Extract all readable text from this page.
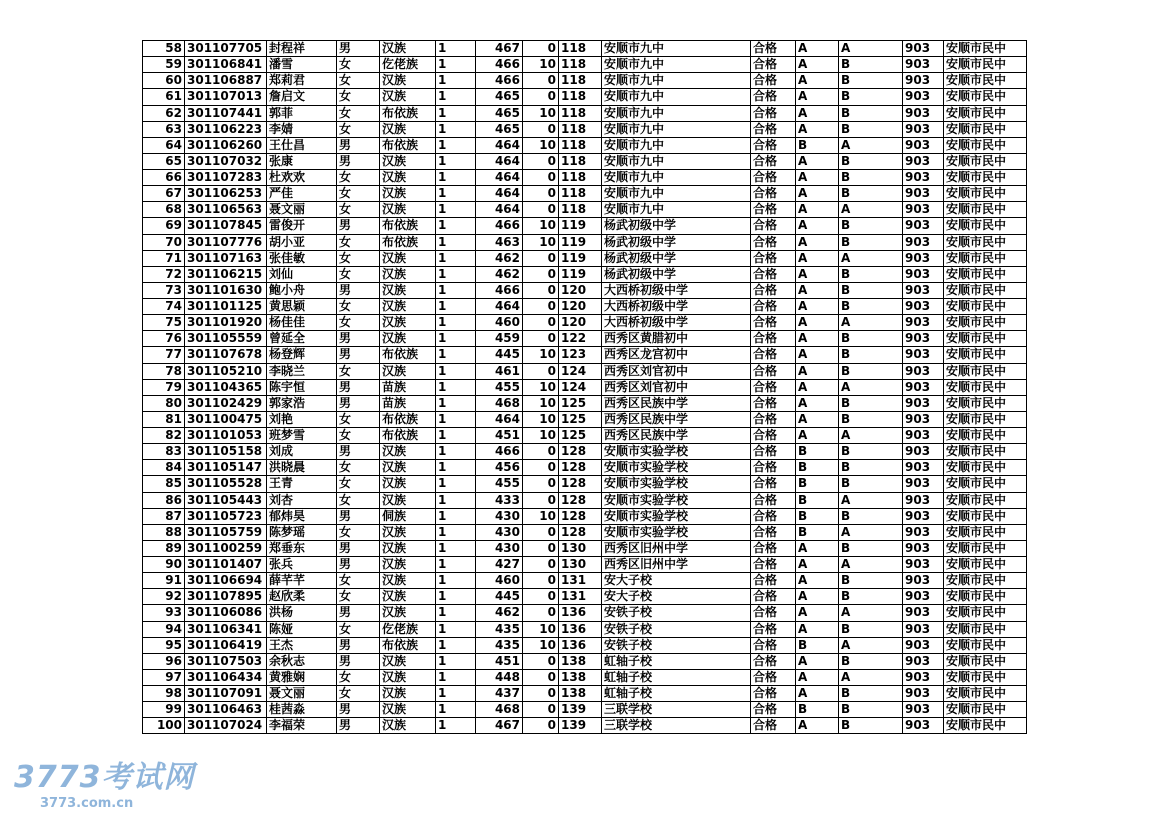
58	301107705	封程祥	男	汉族	1	467	0	118	安顺市九中	合格	A	A	903	安顺市民中
59	301106841	潘雪	女	仡佬族	1	466	10	118	安顺市九中	合格	A	B	903	安顺市民中
60	301106887	郑莉君	女	汉族	1	466	0	118	安顺市九中	合格	A	B	903	安顺市民中
61	301107013	詹启文	女	汉族	1	465	0	118	安顺市九中	合格	A	B	903	安顺市民中
62	301107441	郭菲	女	布依族	1	465	10	118	安顺市九中	合格	A	B	903	安顺市民中
63	301106223	李婧	女	汉族	1	465	0	118	安顺市九中	合格	A	B	903	安顺市民中
64	301106260	王仕昌	男	布依族	1	464	10	118	安顺市九中	合格	B	A	903	安顺市民中
65	301107032	张康	男	汉族	1	464	0	118	安顺市九中	合格	A	B	903	安顺市民中
66	301107283	杜欢欢	女	汉族	1	464	0	118	安顺市九中	合格	A	B	903	安顺市民中
67	301106253	严佳	女	汉族	1	464	0	118	安顺市九中	合格	A	B	903	安顺市民中
68	301106563	聂文丽	女	汉族	1	464	0	118	安顺市九中	合格	A	A	903	安顺市民中
69	301107845	雷俊开	男	布依族	1	466	10	119	杨武初级中学	合格	A	B	903	安顺市民中
70	301107776	胡小亚	女	布依族	1	463	10	119	杨武初级中学	合格	A	B	903	安顺市民中
71	301107163	张佳敏	女	汉族	1	462	0	119	杨武初级中学	合格	A	A	903	安顺市民中
72	301106215	刘仙	女	汉族	1	462	0	119	杨武初级中学	合格	A	B	903	安顺市民中
73	301101630	鲍小舟	男	汉族	1	466	0	120	大西桥初级中学	合格	A	B	903	安顺市民中
74	301101125	黄思颖	女	汉族	1	464	0	120	大西桥初级中学	合格	A	B	903	安顺市民中
75	301101920	杨佳佳	女	汉族	1	460	0	120	大西桥初级中学	合格	A	A	903	安顺市民中
76	301105559	曾延全	男	汉族	1	459	0	122	西秀区黄腊初中	合格	A	B	903	安顺市民中
77	301107678	杨登辉	男	布依族	1	445	10	123	西秀区龙宫初中	合格	A	B	903	安顺市民中
78	301105210	李晓兰	女	汉族	1	461	0	124	西秀区刘官初中	合格	A	B	903	安顺市民中
79	301104365	陈宇恒	男	苗族	1	455	10	124	西秀区刘官初中	合格	A	A	903	安顺市民中
80	301102429	郭家浩	男	苗族	1	468	10	125	西秀区民族中学	合格	A	B	903	安顺市民中
81	301100475	刘艳	女	布依族	1	464	10	125	西秀区民族中学	合格	A	B	903	安顺市民中
82	301101053	班梦雪	女	布依族	1	451	10	125	西秀区民族中学	合格	A	A	903	安顺市民中
83	301105158	刘成	男	汉族	1	466	0	128	安顺市实验学校	合格	B	B	903	安顺市民中
84	301105147	洪晓晨	女	汉族	1	456	0	128	安顺市实验学校	合格	B	B	903	安顺市民中
85	301105528	王青	女	汉族	1	455	0	128	安顺市实验学校	合格	B	B	903	安顺市民中
86	301105443	刘杏	女	汉族	1	433	0	128	安顺市实验学校	合格	B	A	903	安顺市民中
87	301105723	郁炜昊	男	侗族	1	430	10	128	安顺市实验学校	合格	B	B	903	安顺市民中
88	301105759	陈梦瑶	女	汉族	1	430	0	128	安顺市实验学校	合格	B	A	903	安顺市民中
89	301100259	郑垂东	男	汉族	1	430	0	130	西秀区旧州中学	合格	A	B	903	安顺市民中
90	301101407	张兵	男	汉族	1	427	0	130	西秀区旧州中学	合格	A	A	903	安顺市民中
91	301106694	薛芊芊	女	汉族	1	460	0	131	安大子校	合格	A	B	903	安顺市民中
92	301107895	赵欣柔	女	汉族	1	445	0	131	安大子校	合格	A	B	903	安顺市民中
93	301106086	洪杨	男	汉族	1	462	0	136	安铁子校	合格	A	A	903	安顺市民中
94	301106341	陈娅	女	仡佬族	1	435	10	136	安铁子校	合格	A	B	903	安顺市民中
95	301106419	王杰	男	布依族	1	435	10	136	安铁子校	合格	B	A	903	安顺市民中
96	301107503	余秋志	男	汉族	1	451	0	138	虹轴子校	合格	A	B	903	安顺市民中
97	301106434	黄雅娴	女	汉族	1	448	0	138	虹轴子校	合格	A	A	903	安顺市民中
98	301107091	聂文丽	女	汉族	1	437	0	138	虹轴子校	合格	A	B	903	安顺市民中
99	301106463	桂茜淼	男	汉族	1	468	0	139	三联学校	合格	B	B	903	安顺市民中
100	301107024	李福荣	男	汉族	1	467	0	139	三联学校	合格	A	B	903	安顺市民中
3773考试网
3773.com.cn
